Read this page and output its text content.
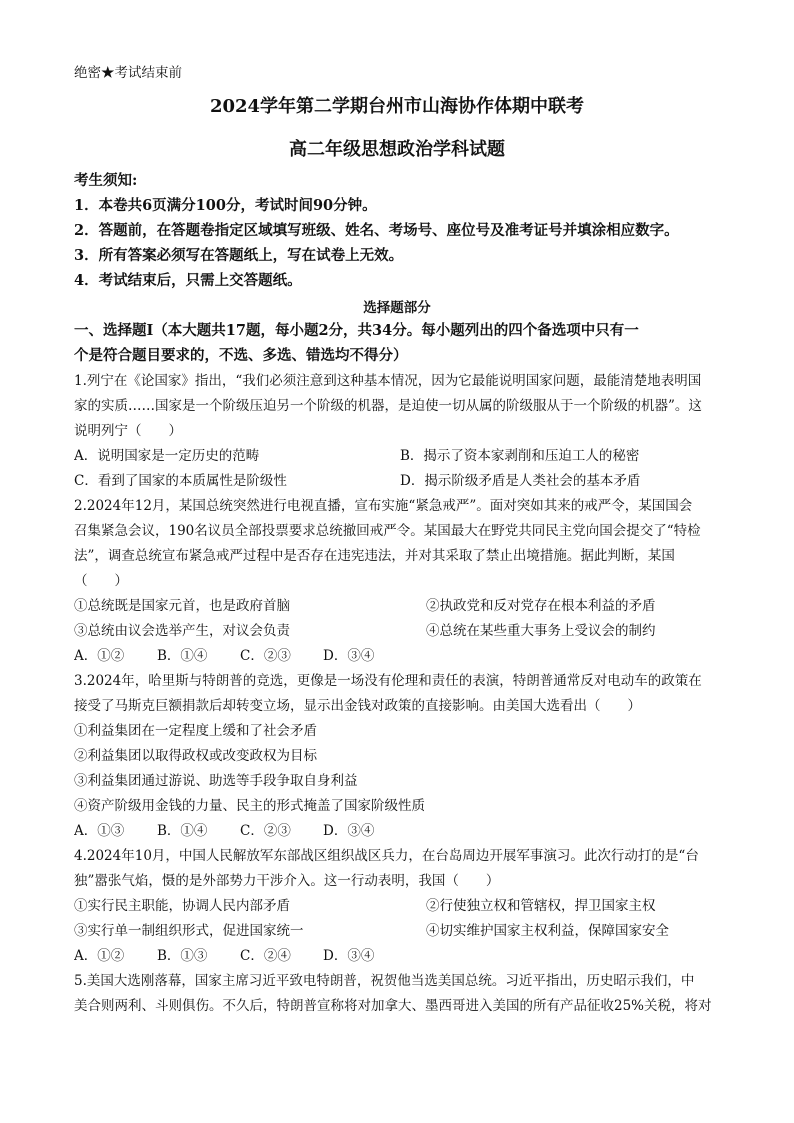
绝密★考试结束前
2024学年第二学期台州市山海协作体期中联考
高二年级思想政治学科试题
考生须知:
1．本卷共6页满分100分，考试时间90分钟。
2．答题前，在答题卷指定区域填写班级、姓名、考场号、座位号及准考证号并填涂相应数字。
3．所有答案必须写在答题纸上，写在试卷上无效。
4．考试结束后，只需上交答题纸。
选择题部分
一、选择题Ⅰ（本大题共17题，每小题2分，共34分。每小题列出的四个备选项中只有一
个是符合题目要求的，不选、多选、错选均不得分）
1.列宁在《论国家》指出，“我们必须注意到这种基本情况，因为它最能说明国家问题，最能清楚地表明国
家的实质……国家是一个阶级压迫另一个阶级的机器，是迫使一切从属的阶级服从于一个阶级的机器”。这
说明列宁（　　）
A．说明国家是一定历史的范畴	B．揭示了资本家剥削和压迫工人的秘密
C．看到了国家的本质属性是阶级性	D．揭示阶级矛盾是人类社会的基本矛盾
2.2024年12月，某国总统突然进行电视直播，宣布实施“紧急戒严”。面对突如其来的戒严令，某国国会
召集紧急会议，190名议员全部投票要求总统撤回戒严令。某国最大在野党共同民主党向国会提交了“特检
法”，调查总统宣布紧急戒严过程中是否存在违宪违法，并对其采取了禁止出境措施。据此判断，某国
（　　）
①总统既是国家元首，也是政府首脑	②执政党和反对党存在根本利益的矛盾
③总统由议会选举产生，对议会负责	④总统在某些重大事务上受议会的制约
A．①② B．①④ C．②③ D．③④
3.2024年，哈里斯与特朗普的竞选，更像是一场没有伦理和责任的表演，特朗普通常反对电动车的政策在
接受了马斯克巨额捐款后却转变立场，显示出金钱对政策的直接影响。由美国大选看出（　　）
①利益集团在一定程度上缓和了社会矛盾
②利益集团以取得政权或改变政权为目标
③利益集团通过游说、助选等手段争取自身利益
④资产阶级用金钱的力量、民主的形式掩盖了国家阶级性质
A．①③ B．①④ C．②③ D．③④
4.2024年10月，中国人民解放军东部战区组织战区兵力，在台岛周边开展军事演习。此次行动打的是“台
独”嚣张气焰，慑的是外部势力干涉介入。这一行动表明，我国（　　）
①实行民主职能，协调人民内部矛盾	②行使独立权和管辖权，捍卫国家主权
③实行单一制组织形式，促进国家统一	④切实维护国家主权利益，保障国家安全
A．①② B．①③ C．②④ D．③④
5.美国大选刚落幕，国家主席习近平致电特朗普，祝贺他当选美国总统。习近平指出，历史昭示我们，中
美合则两利、斗则俱伤。不久后，特朗普宣称将对加拿大、墨西哥进入美国的所有产品征收25%关税，将对
